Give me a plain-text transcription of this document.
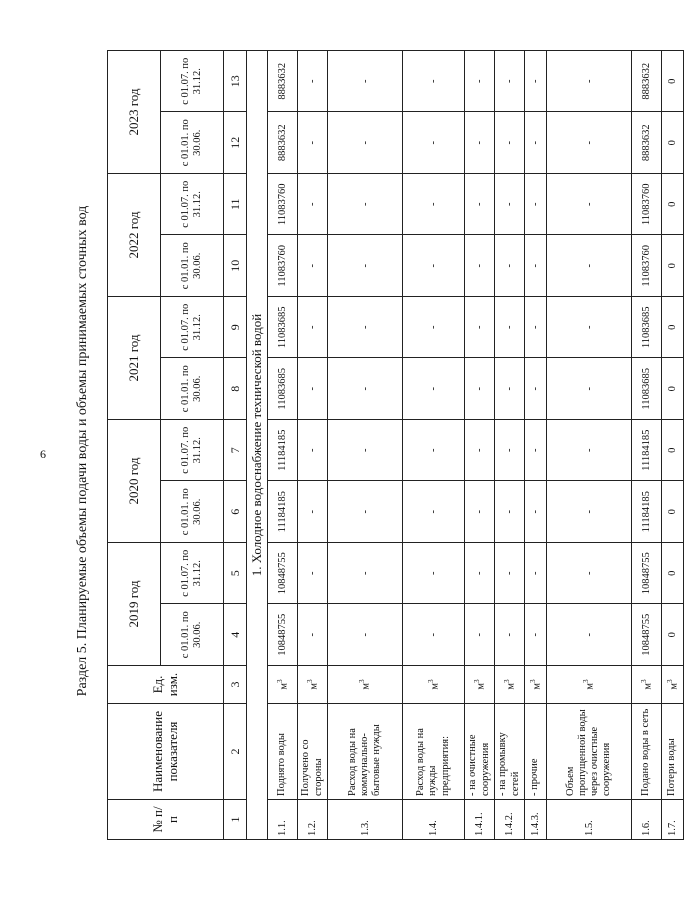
6 Раздел 5. Планируемые объемы подачи воды и объемы принимаемых сточных вод
№ п/п	Наименование показателя	Ед. изм.	2019 год		2020 год		2021 год		2022 год		2023 год	
			с 01.01. по 30.06.	с 01.07. по 31.12.	с 01.01. по 30.06.	с 01.07. по 31.12.	с 01.01. по 30.06.	с 01.07. по 31.12.	с 01.01. по 30.06.	с 01.07. по 31.12.	с 01.01. по 30.06.	с 01.07. по 31.12.
1	2	3	4	5	6	7	8	9	10	11	12	13
1. Холодное водоснабжение технической водой												
1.1.	Поднято воды	$м^3$	10848755	10848755	11184185	11184185	11083685	11083685	11083760	11083760	8883632	8883632
1.2.	Получено со стороны	$м^3$	-	-	-	-	-	-	-	-	-	-
1.3.	Расход воды на коммунально-бытовые нужды	$м^3$	-	-	-	-	-	-	-	-	-	-
1.4.	Расход воды на нужды предприятия:	$м^3$	-	-	-	-	-	-	-	-	-	-
1.4.1.	- на очистные сооружения	$м^3$	-	-	-	-	-	-	-	-	-	-
1.4.2.	- на промывку сетей	$м^3$	-	-	-	-	-	-	-	-	-	-
1.4.3.	- прочие	$м^3$	-	-	-	-	-	-	-	-	-	-
1.5.	Объем пропущенной воды через очистные сооружения	$м^3$	-	-	-	-	-	-	-	-	-	-
1.6.	Подано воды в сеть	$м^3$	10848755	10848755	11184185	11184185	11083685	11083685	11083760	11083760	8883632	8883632
1.7.	Потери воды	$м^3$	0	0	0	0	0	0	0	0	0	0
